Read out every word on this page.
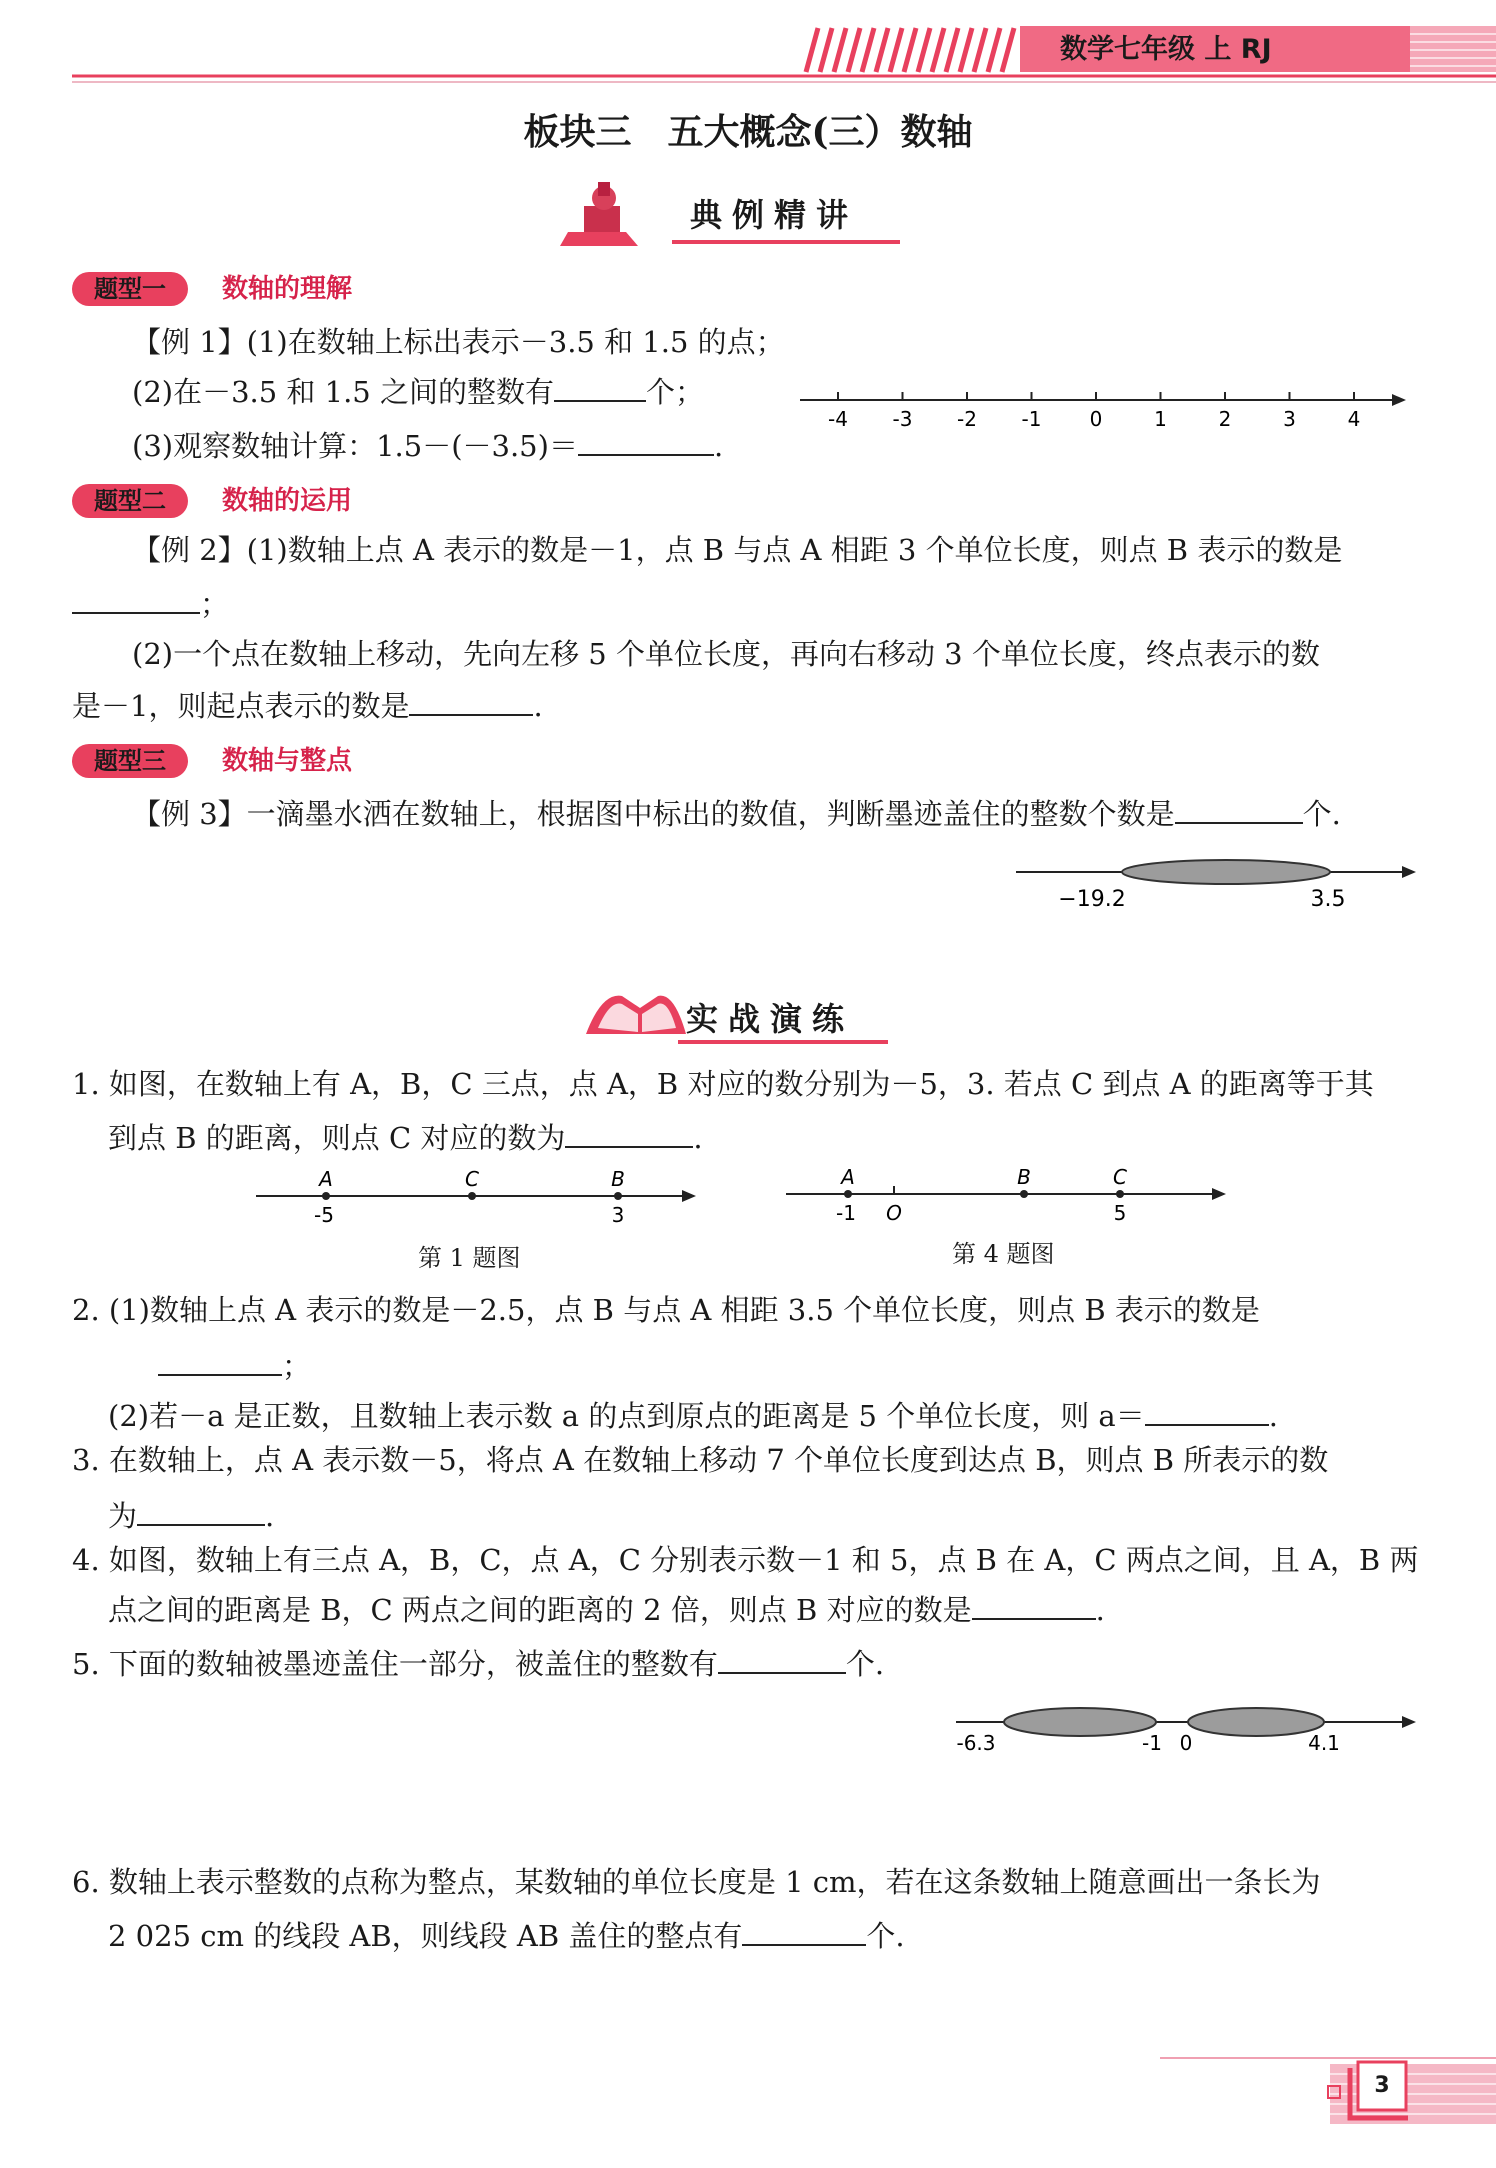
数学七年级 上 RJ
板块三　五大概念(三）数轴
典例精讲
题型一	数轴的理解
【例 1】(1)在数轴上标出表示－3.5 和 1.5 的点；
(2)在－3.5 和 1.5 之间的整数有	个；
(3)观察数轴计算：1.5－(－3.5)＝	.
-4 -3 -2 -1 0	1	2	3	4
题型二	数轴的运用
【例 2】(1)数轴上点 A 表示的数是－1，点 B 与点 A 相距 3 个单位长度，则点 B 表示的数是
；
(2)一个点在数轴上移动，先向左移 5 个单位长度，再向右移动 3 个单位长度，终点表示的数
是－1，则起点表示的数是	.
题型三	数轴与整点
【例 3】一滴墨水洒在数轴上，根据图中标出的数值，判断墨迹盖住的整数个数是	个.
−19.2	3.5
实战演练
1. 如图，在数轴上有 A，B，C 三点，点 A，B 对应的数分别为－5，3. 若点 C 到点 A 的距离等于其
到点 B 的距离，则点 C 对应的数为	.
A	C	B
-5	3
第 1 题图
A	B	C
-1 O	5
第 4 题图
2. (1)数轴上点 A 表示的数是－2.5，点 B 与点 A 相距 3.5 个单位长度，则点 B 表示的数是
；
(2)若－a 是正数，且数轴上表示数 a 的点到原点的距离是 5 个单位长度，则 a＝	.
3. 在数轴上，点 A 表示数－5，将点 A 在数轴上移动 7 个单位长度到达点 B，则点 B 所表示的数
为	.
4. 如图，数轴上有三点 A，B，C，点 A，C 分别表示数－1 和 5，点 B 在 A，C 两点之间，且 A，B 两
点之间的距离是 B，C 两点之间的距离的 2 倍，则点 B 对应的数是	.
5. 下面的数轴被墨迹盖住一部分，被盖住的整数有	个.
-6.3	-1 0	4.1
6. 数轴上表示整数的点称为整点，某数轴的单位长度是 1 cm，若在这条数轴上随意画出一条长为
2 025 cm 的线段 AB，则线段 AB 盖住的整点有	个.
3
